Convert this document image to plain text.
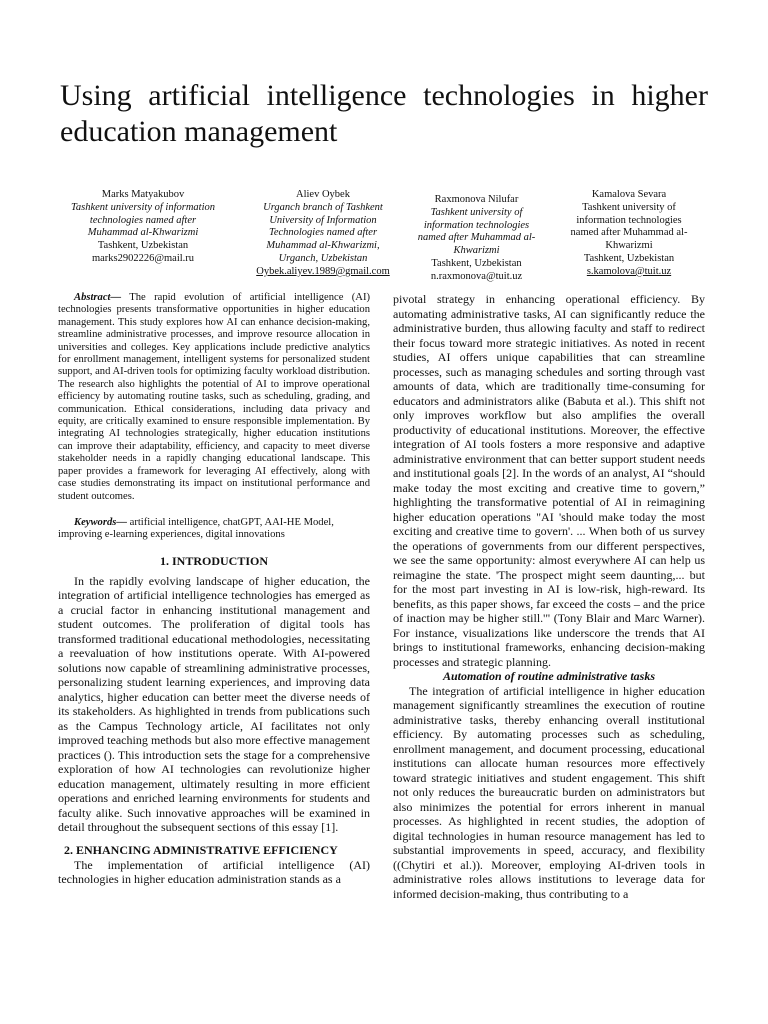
Using artificial intelligence technologies in higher education management
Marks Matyakubov
Tashkent university of information
technologies named after
Muhammad al-Khwarizmi
Tashkent, Uzbekistan
marks2902226@mail.ru
Aliev Oybek
Urganch branch of Tashkent
University of Information
Technologies named after
Muhammad al-Khwarizmi,
Urganch, Uzbekistan
Oybek.aliyev.1989@gmail.com
Raxmonova Nilufar
Tashkent university of
information technologies
named after Muhammad al-
Khwarizmi
Tashkent, Uzbekistan
n.raxmonova@tuit.uz
Kamalova Sevara
Tashkent university of
information technologies
named after Muhammad al-
Khwarizmi
Tashkent, Uzbekistan
s.kamolova@tuit.uz

Abstract— The rapid evolution of artificial intelligence (AI) technologies presents transformative opportunities in higher education management. This study explores how AI can enhance decision-making, streamline administrative processes, and improve resource allocation in universities and colleges. Key applications include predictive analytics for enrollment management, intelligent systems for personalized student support, and AI-driven tools for optimizing faculty workload distribution. The research also highlights the potential of AI to improve operational efficiency by automating routine tasks, such as scheduling, grading, and communication. Ethical considerations, including data privacy and equity, are critically examined to ensure responsible implementation. By integrating AI technologies strategically, higher education institutions can improve their adaptability, efficiency, and capacity to meet diverse stakeholder needs in a rapidly changing educational landscape. This paper provides a framework for leveraging AI effectively, along with case studies demonstrating its impact on institutional performance and student outcomes.

Keywords— artificial intelligence, chatGPT, AAI-HE Model, improving e-learning experiences, digital innovations

1. INTRODUCTION

In the rapidly evolving landscape of higher education, the integration of artificial intelligence technologies has emerged as a crucial factor in enhancing institutional management and student outcomes. The proliferation of digital tools has transformed traditional educational methodologies, necessitating a reevaluation of how institutions operate. With AI-powered solutions now capable of streamlining administrative processes, personalizing student learning experiences, and improving data analytics, higher education can better meet the diverse needs of its stakeholders. As highlighted in trends from publications such as the Campus Technology article, AI facilitates not only improved teaching methods but also more effective management practices (). This introduction sets the stage for a comprehensive exploration of how AI technologies can revolutionize higher education management, ultimately resulting in more efficient operations and enriched learning environments for students and faculty alike. Such innovative approaches will be examined in detail throughout the subsequent sections of this essay [1].

2. ENHANCING ADMINISTRATIVE EFFICIENCY

The implementation of artificial intelligence (AI) technologies in higher education administration stands as a

pivotal strategy in enhancing operational efficiency. By automating administrative tasks, AI can significantly reduce the administrative burden, thus allowing faculty and staff to redirect their focus toward more strategic initiatives. As noted in recent studies, AI offers unique capabilities that can streamline processes, such as managing schedules and sorting through vast amounts of data, which are traditionally time-consuming for educators and administrators alike (Babuta et al.). This shift not only improves workflow but also amplifies the overall productivity of educational institutions. Moreover, the effective integration of AI tools fosters a more responsive and adaptive administrative environment that can better support student needs and institutional goals [2]. In the words of an analyst, AI “should make today the most exciting and creative time to govern,” highlighting the transformative potential of AI in reimagining higher education operations "AI 'should make today the most exciting and creative time to govern'. ... When both of us survey the operations of governments from our different perspectives, we see the same opportunity: almost everywhere AI can help us reimagine the state. 'The prospect might seem daunting,... but for the most part investing in AI is low-risk, high-reward. Its benefits, as this paper shows, far exceed the costs – and the price of inaction may be higher still.'" (Tony Blair and Marc Warner). For instance, visualizations like underscore the trends that AI brings to institutional frameworks, enhancing decision-making processes and strategic planning.

Automation of routine administrative tasks

The integration of artificial intelligence in higher education management significantly streamlines the execution of routine administrative tasks, thereby enhancing overall institutional efficiency. By automating processes such as scheduling, enrollment management, and document processing, educational institutions can allocate human resources more effectively toward strategic initiatives and student engagement. This shift not only reduces the bureaucratic burden on administrators but also minimizes the potential for errors inherent in manual processes. As highlighted in recent studies, the adoption of digital technologies in human resource management has led to substantial improvements in speed, accuracy, and flexibility ((Chytiri et al.)). Moreover, employing AI-driven tools in administrative roles allows institutions to leverage data for informed decision-making, thus contributing to a
